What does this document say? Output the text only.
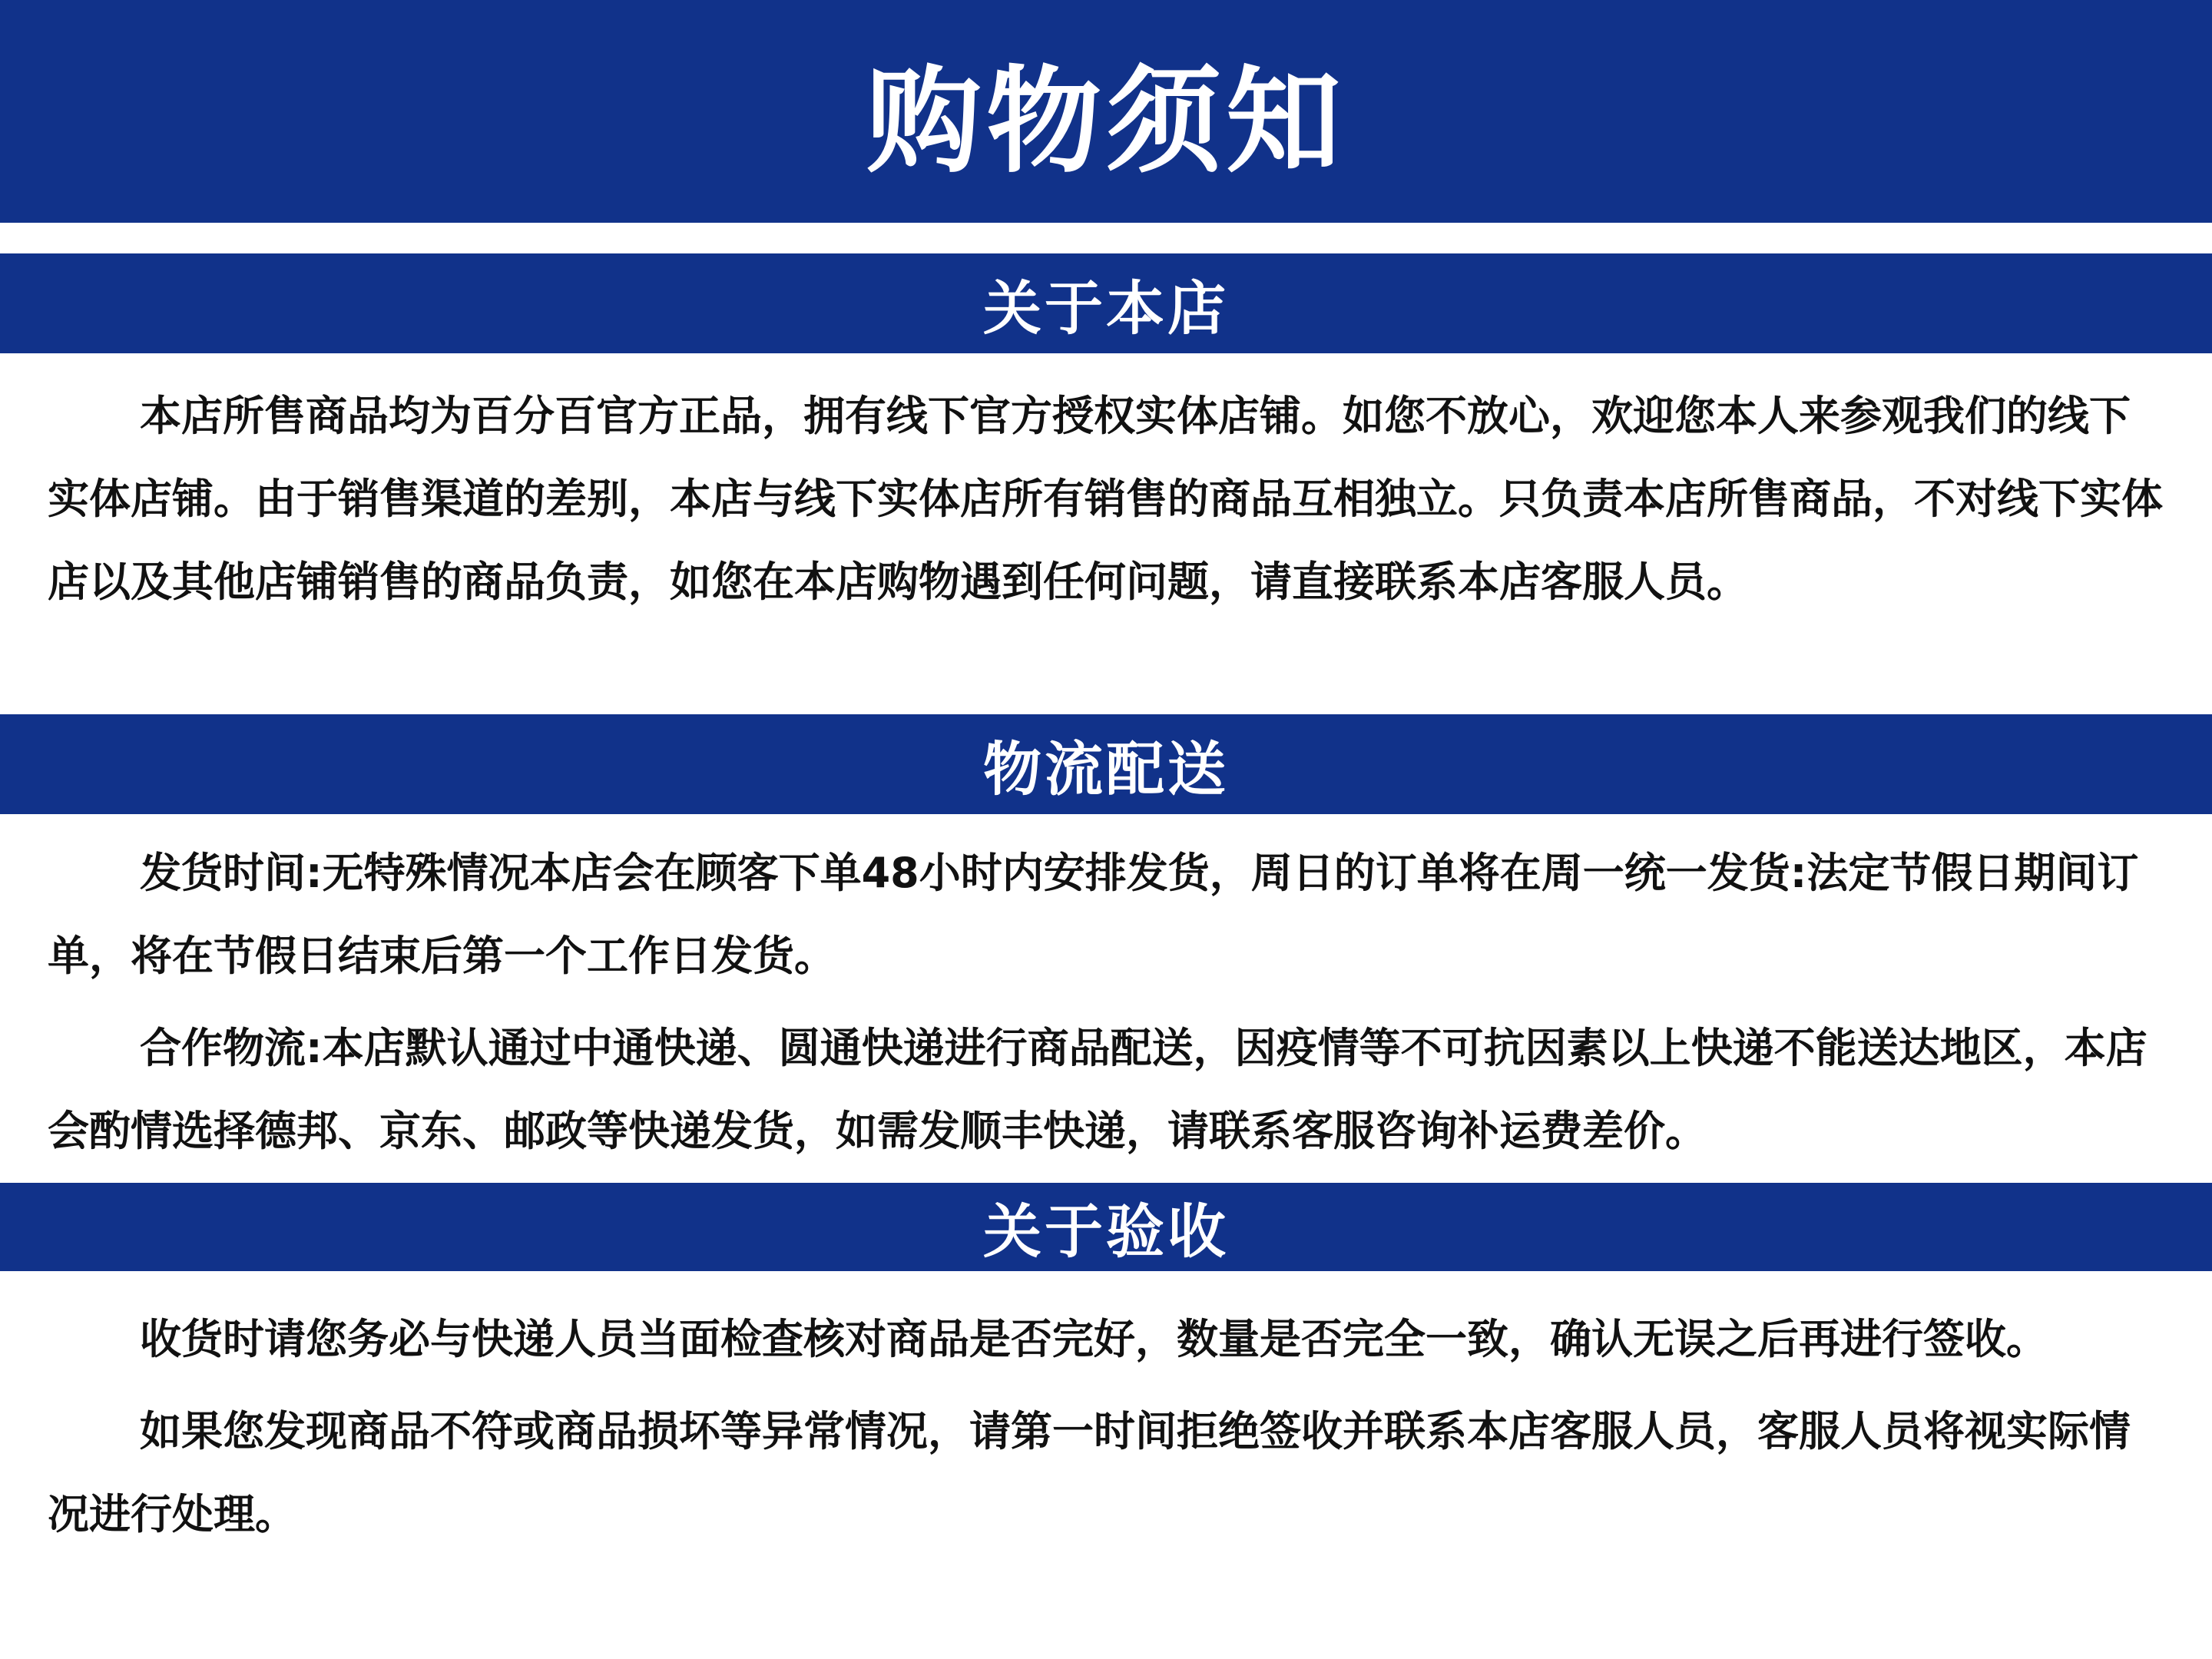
购物须知
关于本店

本店所售商品均为百分百官方正品，拥有线下官方授权实体店铺。如您不放心，欢迎您本人来参观我们的线下实体店铺。由于销售渠道的差别，本店与线下实体店所有销售的商品互相独立。只负责本店所售商品，不对线下实体店以及其他店铺销售的商品负责，如您在本店购物遇到任何问题，请直接联系本店客服人员。

物流配送

发货时间:无特殊情况本店会在顾客下单48小时内安排发货，周日的订单将在周一统一发货:法定节假日期间订单，将在节假日结束后第一个工作日发货。

合作物流:本店默认通过中通快递、圆通快递进行商品配送，因疫情等不可抗因素以上快递不能送达地区，本店会酌情选择德邦、京东、邮政等快递发货，如需发顺丰快递，请联系客服咨询补运费差价。

关于验收

收货时请您务必与快递人员当面检查核对商品是否完好，数量是否完全一致，确认无误之后再进行签收。

如果您发现商品不符或商品损坏等异常情况，请第一时间拒绝签收并联系本店客服人员，客服人员将视实际情况进行处理。
